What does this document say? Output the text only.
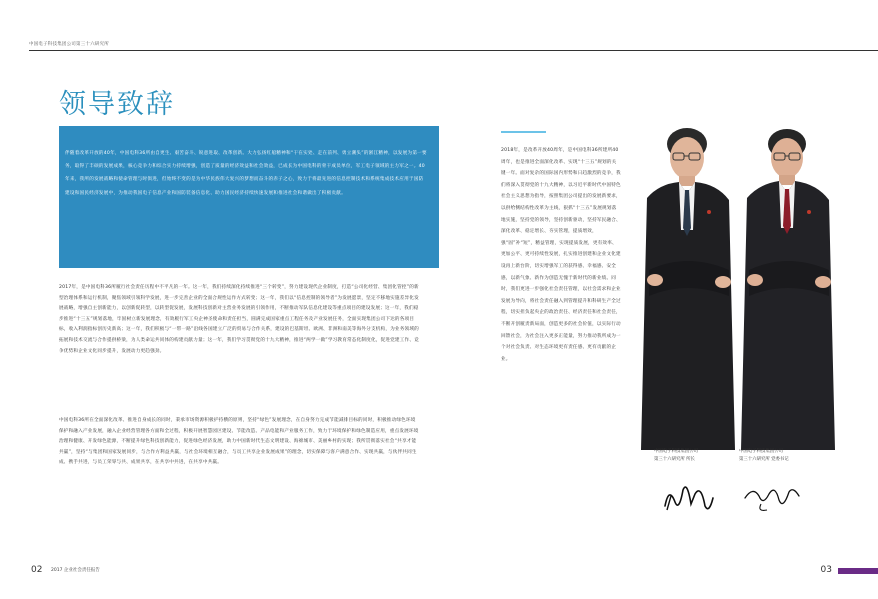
中国电子科技集团公司第三十六研究所
领导致辞

伴随着改革开放的40年，中国电科36所由自更生、艰苦奋斗、锐意进取、改革创新。大力弘扬红船精神和“干在实处、走在前列、勇立潮头”的浙江精神，以发展为第一要务，取得了丰硕的发展成果，核心竞争力和综合实力持续增强，创造了质量的经济效益和社会效益，已成长为中国电科的骨干成员单位，军工电子领域的主力军之一。40年来，我所的发展战略和使命管理与时俱进，但始终不变的是为中华民族伟大复兴的梦想而奋斗的赤子之心，致力于将最先进的信息控制技术和系统集成技术应用于国防建设和国民经济发展中，为推动我国电子信息产业和国防装备信息化、助力国民经济持续快速发展和推进社会和谐做出了积极贡献。

2017年，是中国电科36所履行社会责任历程中不平凡的一年。这一年，我们持续深化持续推进“三个转变”，努力建设现代企业制度，打造“公司化经营、集团化管控”的新型治理体系和运行机制，聚焦领域引领科学发展，进一步完善企业的全面合规性运作方式转变；这一年，我们以“信息控制的领导者”为发展愿景，坚定不移地实施差异化发展战略，增强自主创新能力，以创新促转型，以转型促发展，发展科技创新对主营业务发展的引领作用，不断推动军队信息化建设等重点项目的建设发展；这一年，我们稳步推进“十三五”规划落地，牢固树立新发展理念，有效履行军工央企神圣使命和责任担当，圆满完成国家重点工程任务及产业发展任务，全面实现集团公司下达的各项目标，收入利润指标创历史新高；这一年，我们积极与“一带一路”沿线各国建立广泛的贸易与合作关系，建设的巴基斯坦、欧洲、非洲和南美等海外分支机构，为业务领域的拓展和技术交流与合作提供桥梁，为人类命运共同体的构建贡献力量；这一年，我们学习贯彻党的十九大精神，推进“两学一做”学习教育常态化制度化，促进党建工作、竞争优势和企业文化同步提升，发展动力更趋强劲。

中国电科36所在全面深化改革、推进自身成长的同时，秉承市场资源积极护持横的原则，坚持“绿色”发展理念，在自身努力完成节能减排目标的同时，积极推动绿色环境保护和融入产业发展，融入企业经营管理各方面和全过程，积极开展智慧园区建设、节能改造、产品电能和产业服务工作，致力于环境保护和绿色制造应用，重点发展环境治理和健康、开发绿色能源，不断提升绿色科技创新能力，促进绿色经济发展，助力中国新时代生态文明建设、海绵城市、美丽乡村的实现；我所贯彻落实社会“共享才能共赢”，坚持“与集团和国家发展同步，与合作方利益共赢，与社会环境相互融合，与员工共享企业发展成果”的理念，切实保障与客户满意合作、实现共赢，与伙伴共同生成、携手共进，与员工荣辱与共、成果共享，在共享中共进，在共享中共赢。

02 2017 企业社会责任报告

2018年，是改革开放40周年，是中国电科36所建所40周年，也是推进全面深化改革、实现“十三五”规划的关键一年。面对复杂的国际国内形势和日趋激烈的竞争，我们将深入贯彻党的十九大精神，以习近平新时代中国特色社会主义思想为指导，按照集团公司提出的发展新要求，以供给侧结构性改革为主线，狠抓“十三五”发展规划落地实施，坚持党的领导，坚持创新驱动，坚持军民融合、深化改革、稳定增长、夯实管理，提质增效，强“固”补“短”，精益管理，实现提质发展，更有效率、更加公平、更可持续性发展，扎实推进创建和企业文化建设再上新台阶，切实增强军工的获得感、幸福感、安全感，以新气象、新作为创造无愧于新时代的新业绩。同时，我们更进一步强化社会责任管理，以社会需求和企业发展为导向，将社会责任融入到管理提升和科研生产全过程，切实担负起央企的政治责任、经济责任和社会责任，不断开创履责新局面，创造更多的社会价值，以实际行动回馈社会，为社会注入更多正能量，努力推动我所成为一个对社会负责、对生态环境更有责任感、更有贡献的企业。

中国电子科技集团公司
第三十六研究所 所长
中国电子科技集团公司
第三十六研究所 党委书记
03
